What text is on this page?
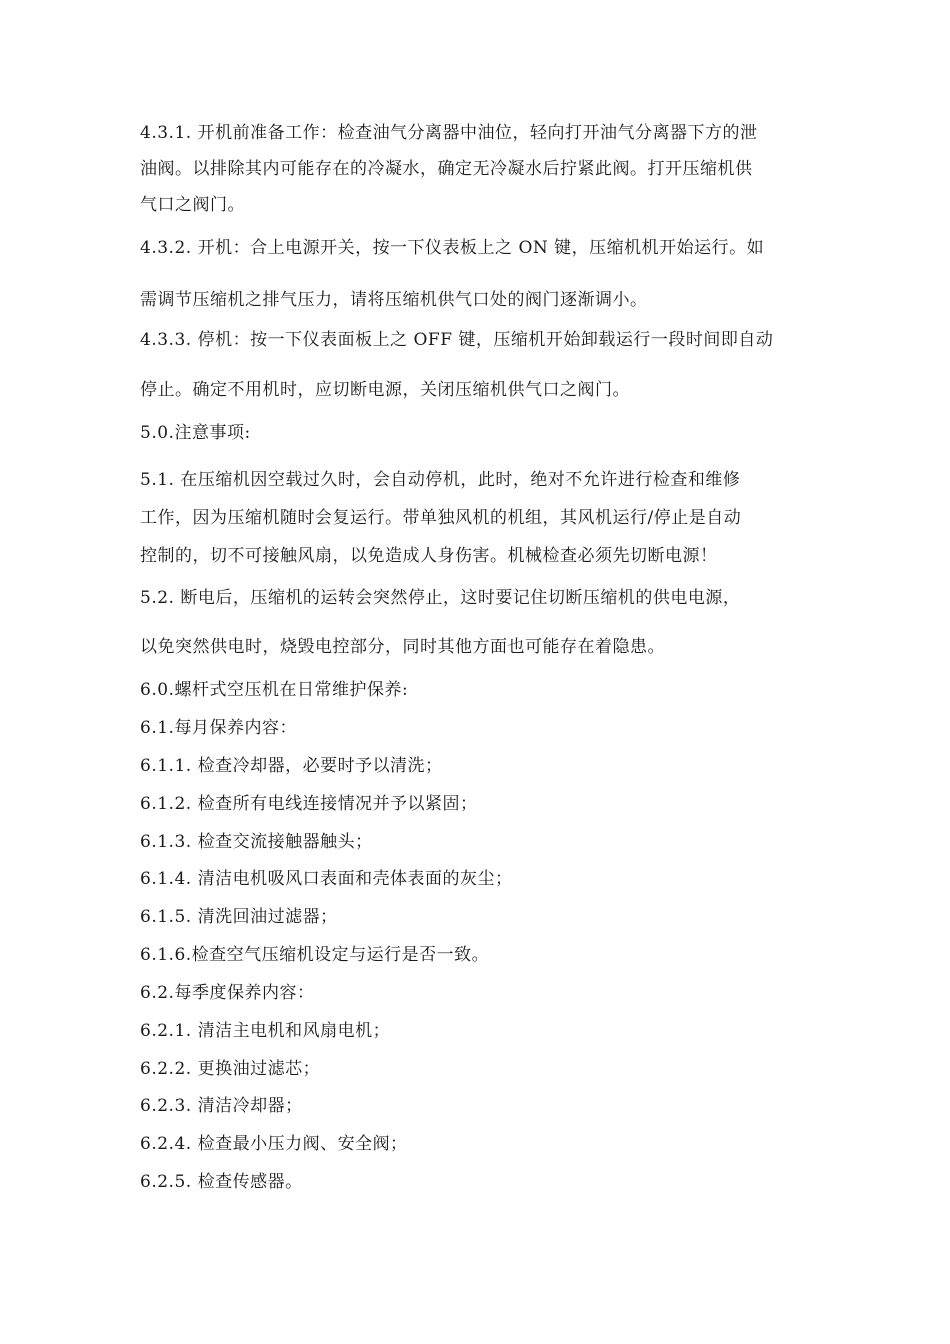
4.3.1. 开机前准备工作：检查油气分离器中油位，轻向打开油气分离器下方的泄
油阀。以排除其内可能存在的冷凝水，确定无冷凝水后拧紧此阀。打开压缩机供
气口之阀门。
4.3.2. 开机：合上电源开关，按一下仪表板上之 ON 键，压缩机机开始运行。如
需调节压缩机之排气压力，请将压缩机供气口处的阀门逐渐调小。
4.3.3. 停机：按一下仪表面板上之 OFF 键，压缩机开始卸载运行一段时间即自动
停止。确定不用机时，应切断电源，关闭压缩机供气口之阀门。
5.0.注意事项:
5.1. 在压缩机因空载过久时，会自动停机，此时，绝对不允许进行检查和维修
工作，因为压缩机随时会复运行。带单独风机的机组，其风机运行/停止是自动
控制的，切不可接触风扇，以免造成人身伤害。机械检查必须先切断电源！
5.2. 断电后，压缩机的运转会突然停止，这时要记住切断压缩机的供电电源，
以免突然供电时，烧毁电控部分，同时其他方面也可能存在着隐患。
6.0.螺杆式空压机在日常维护保养:
6.1.每月保养内容：
6.1.1. 检查冷却器，必要时予以清洗；
6.1.2. 检查所有电线连接情况并予以紧固；
6.1.3. 检查交流接触器触头；
6.1.4. 清洁电机吸风口表面和壳体表面的灰尘；
6.1.5. 清洗回油过滤器；
6.1.6.检查空气压缩机设定与运行是否一致。
6.2.每季度保养内容：
6.2.1. 清洁主电机和风扇电机；
6.2.2. 更换油过滤芯；
6.2.3. 清洁冷却器；
6.2.4. 检查最小压力阀、安全阀；
6.2.5. 检查传感器。
